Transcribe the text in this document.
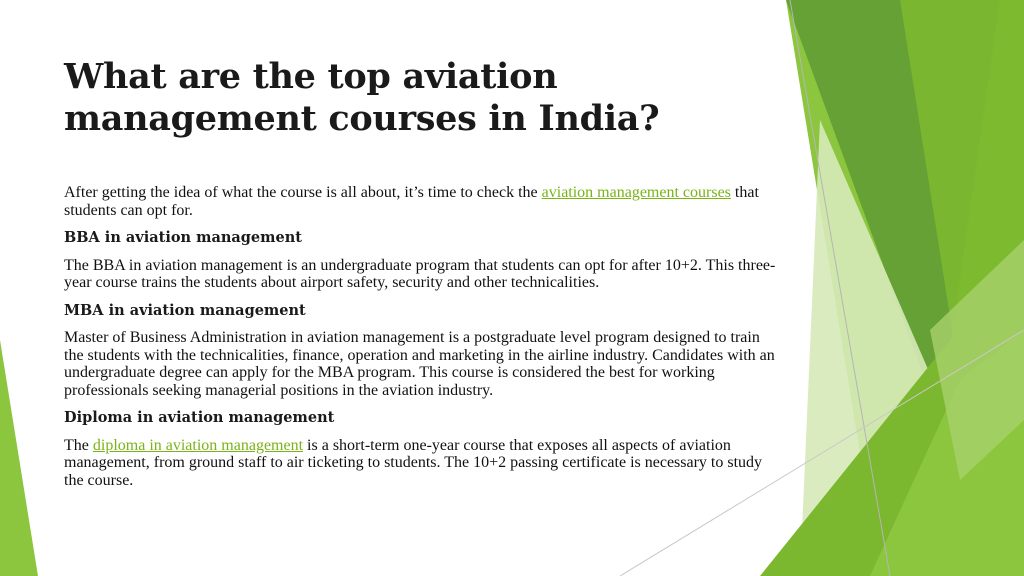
What are the top aviation management courses in India?

After getting the idea of what the course is all about, it’s time to check the aviation management courses that students can opt for.

BBA in aviation management

The BBA in aviation management is an undergraduate program that students can opt for after 10+2. This three-year course trains the students about airport safety, security and other technicalities.

MBA in aviation management

Master of Business Administration in aviation management is a postgraduate level program designed to train the students with the technicalities, finance, operation and marketing in the airline industry. Candidates with an undergraduate degree can apply for the MBA program. This course is considered the best for working professionals seeking managerial positions in the aviation industry.

Diploma in aviation management

The diploma in aviation management is a short-term one-year course that exposes all aspects of aviation management, from ground staff to air ticketing to students. The 10+2 passing certificate is necessary to study the course.
